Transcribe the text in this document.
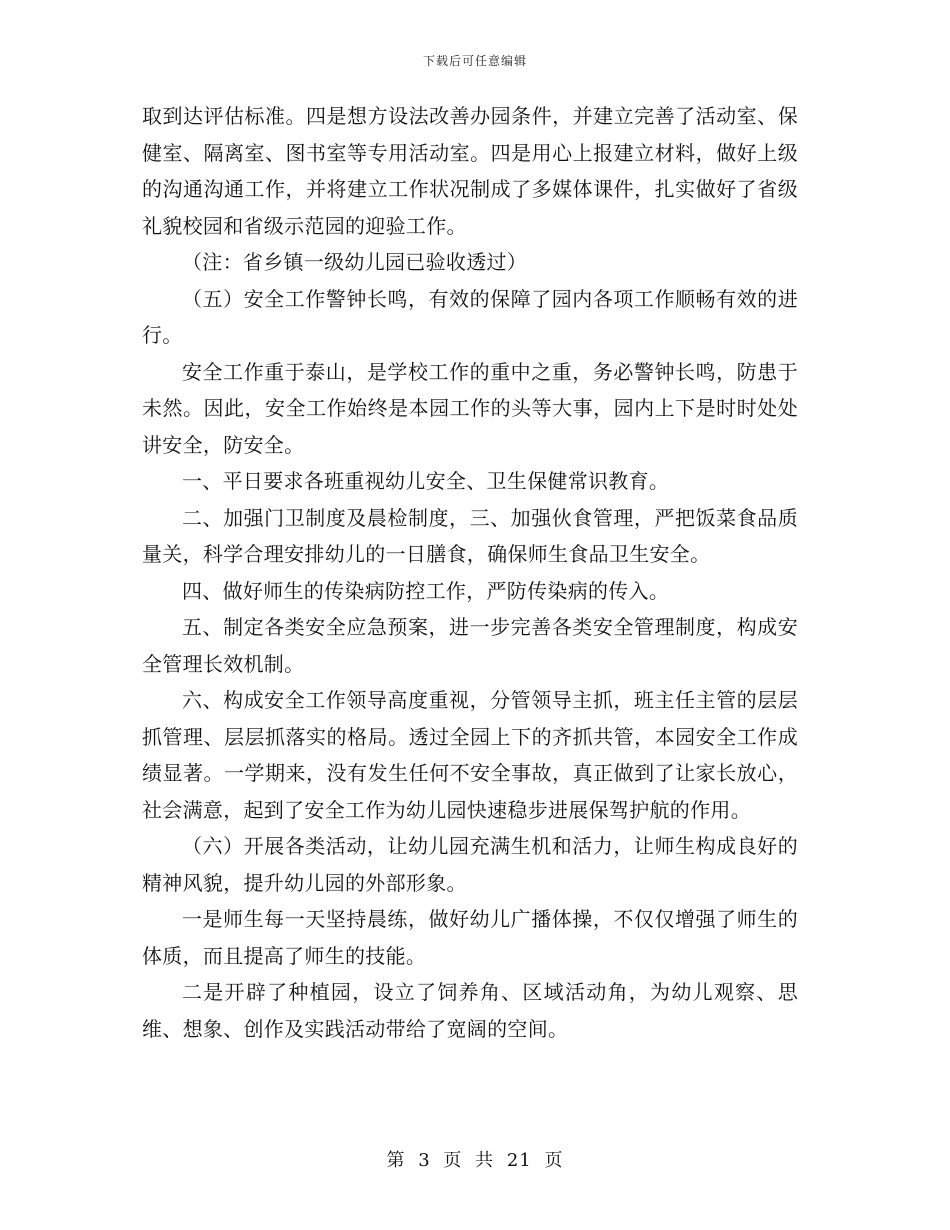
下载后可任意编辑

取到达评估标准。四是想方设法改善办园条件，并建立完善了活动室、保健室、隔离室、图书室等专用活动室。四是用心上报建立材料，做好上级的沟通沟通工作，并将建立工作状况制成了多媒体课件，扎实做好了省级礼貌校园和省级示范园的迎验工作。

（注：省乡镇一级幼儿园已验收透过）

（五）安全工作警钟长鸣，有效的保障了园内各项工作顺畅有效的进行。

安全工作重于泰山，是学校工作的重中之重，务必警钟长鸣，防患于未然。因此，安全工作始终是本园工作的头等大事，园内上下是时时处处讲安全，防安全。

一、平日要求各班重视幼儿安全、卫生保健常识教育。

二、加强门卫制度及晨检制度，三、加强伙食管理，严把饭菜食品质量关，科学合理安排幼儿的一日膳食，确保师生食品卫生安全。

四、做好师生的传染病防控工作，严防传染病的传入。

五、制定各类安全应急预案，进一步完善各类安全管理制度，构成安全管理长效机制。

六、构成安全工作领导高度重视，分管领导主抓，班主任主管的层层抓管理、层层抓落实的格局。透过全园上下的齐抓共管，本园安全工作成绩显著。一学期来，没有发生任何不安全事故，真正做到了让家长放心，社会满意，起到了安全工作为幼儿园快速稳步进展保驾护航的作用。

（六）开展各类活动，让幼儿园充满生机和活力，让师生构成良好的精神风貌，提升幼儿园的外部形象。

一是师生每一天坚持晨练，做好幼儿广播体操，不仅仅增强了师生的体质，而且提高了师生的技能。

二是开辟了种植园，设立了饲养角、区域活动角，为幼儿观察、思维、想象、创作及实践活动带给了宽阔的空间。

第 3 页 共 21 页
